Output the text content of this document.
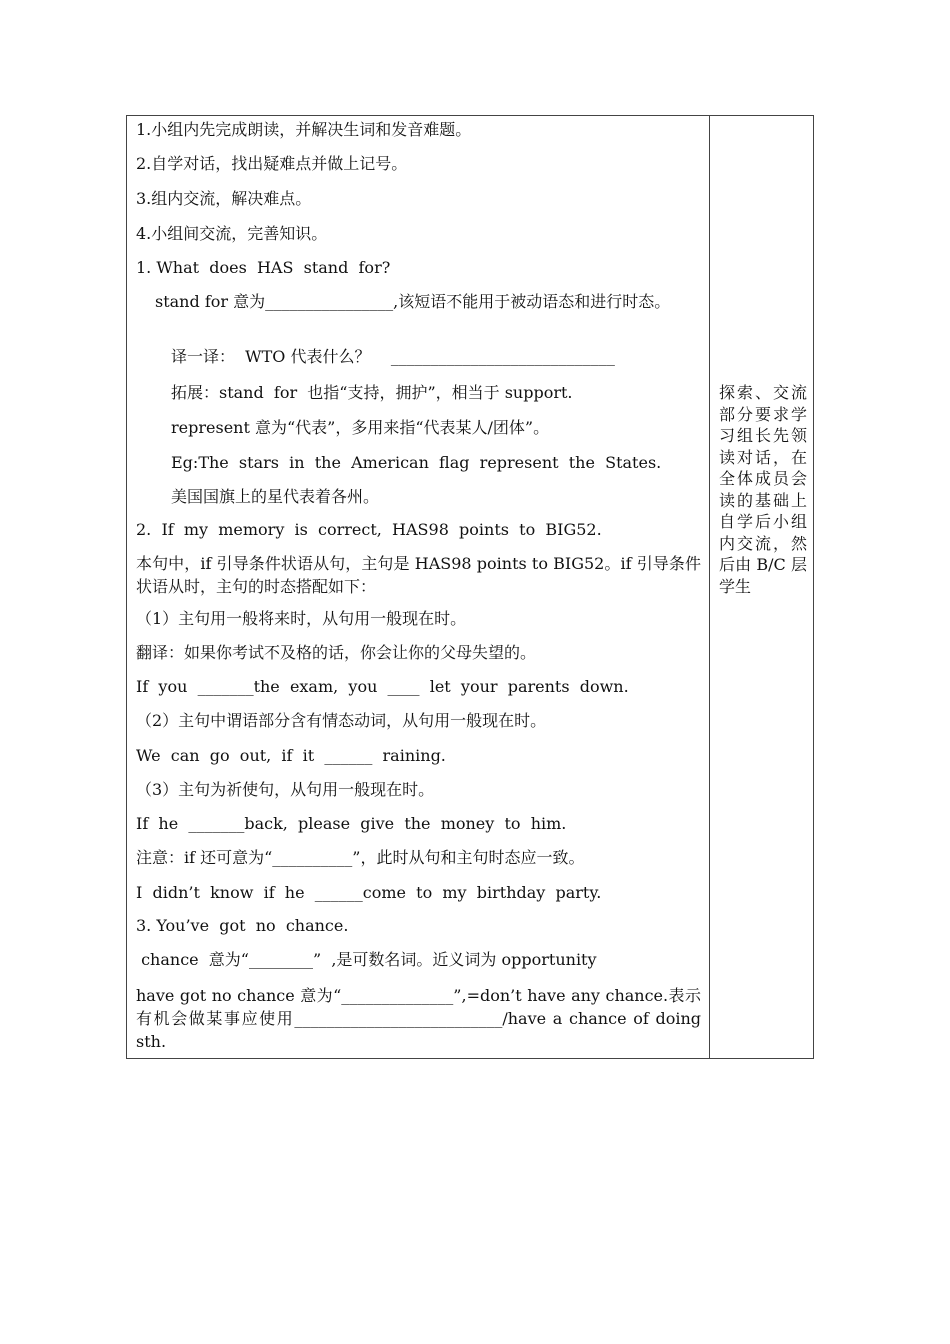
1.小组内先完成朗读，并解决生词和发音难题。
2.自学对话，找出疑难点并做上记号。
3.组内交流，解决难点。
4.小组间交流，完善知识。
1. What  does  HAS  stand  for?
stand for 意为________________,该短语不能用于被动语态和进行时态。
译一译：  WTO 代表什么？    ____________________________
拓展：stand  for  也指“支持，拥护”，相当于 support.
represent 意为“代表”，多用来指“代表某人/团体”。
Eg:The  stars  in  the  American  flag  represent  the  States.
美国国旗上的星代表着各州。
2.  If  my  memory  is  correct,  HAS98  points  to  BIG52.
本句中，if 引导条件状语从句，主句是 HAS98 points to BIG52。if 引导条件状语从时，主句的时态搭配如下：
（1）主句用一般将来时，从句用一般现在时。
翻译：如果你考试不及格的话，你会让你的父母失望的。
If  you  _______the  exam,  you  ____  let  your  parents  down.
（2）主句中谓语部分含有情态动词，从句用一般现在时。
We  can  go  out,  if  it  ______  raining.
（3）主句为祈使句，从句用一般现在时。
If  he  _______back,  please  give  the  money  to  him.
注意：if 还可意为“__________”，此时从句和主句时态应一致。
I  didn’t  know  if  he  ______come  to  my  birthday  party.
3. You’ve  got  no  chance.
chance  意为“________”  ,是可数名词。近义词为 opportunity
have got no chance 意为“______________”,=don’t have any chance.表示有机会做某事应使用__________________________/have a chance of doing sth.
探索、交流部分要求学习组长先领读对话，在全体成员会读的基础上自学后小组内交流，然后由 B/C 层学生
